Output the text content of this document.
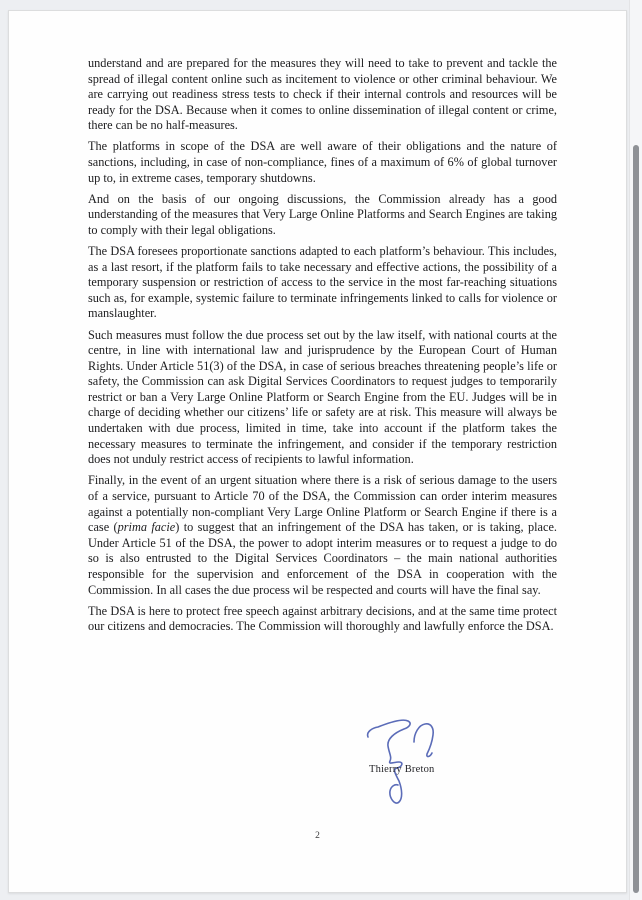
understand and are prepared for the measures they will need to take to prevent and tackle the spread of illegal content online such as incitement to violence or other criminal behaviour. We are carrying out readiness stress tests to check if their internal controls and resources will be ready for the DSA. Because when it comes to online dissemination of illegal content or crime, there can be no half-measures.

The platforms in scope of the DSA are well aware of their obligations and the nature of sanctions, including, in case of non-compliance, fines of a maximum of 6% of global turnover up to, in extreme cases, temporary shutdowns.

And on the basis of our ongoing discussions, the Commission already has a good understanding of the measures that Very Large Online Platforms and Search Engines are taking to comply with their legal obligations.

The DSA foresees proportionate sanctions adapted to each platform’s behaviour. This includes, as a last resort, if the platform fails to take necessary and effective actions, the possibility of a temporary suspension or restriction of access to the service in the most far-reaching situations such as, for example, systemic failure to terminate infringements linked to calls for violence or manslaughter.

Such measures must follow the due process set out by the law itself, with national courts at the centre, in line with international law and jurisprudence by the European Court of Human Rights. Under Article 51(3) of the DSA, in case of serious breaches threatening people’s life or safety, the Commission can ask Digital Services Coordinators to request judges to temporarily restrict or ban a Very Large Online Platform or Search Engine from the EU. Judges will be in charge of deciding whether our citizens’ life or safety are at risk. This measure will always be undertaken with due process, limited in time, take into account if the platform takes the necessary measures to terminate the infringement, and consider if the temporary restriction does not unduly restrict access of recipients to lawful information.

Finally, in the event of an urgent situation where there is a risk of serious damage to the users of a service, pursuant to Article 70 of the DSA, the Commission can order interim measures against a potentially non-compliant Very Large Online Platform or Search Engine if there is a case (prima facie) to suggest that an infringement of the DSA has taken, or is taking, place. Under Article 51 of the DSA, the power to adopt interim measures or to request a judge to do so is also entrusted to the Digital Services Coordinators – the main national authorities responsible for the supervision and enforcement of the DSA in cooperation with the Commission. In all cases the due process wil be respected and courts will have the final say.

The DSA is here to protect free speech against arbitrary decisions, and at the same time protect our citizens and democracies. The Commission will thoroughly and lawfully enforce the DSA.

Thierry Breton
2
